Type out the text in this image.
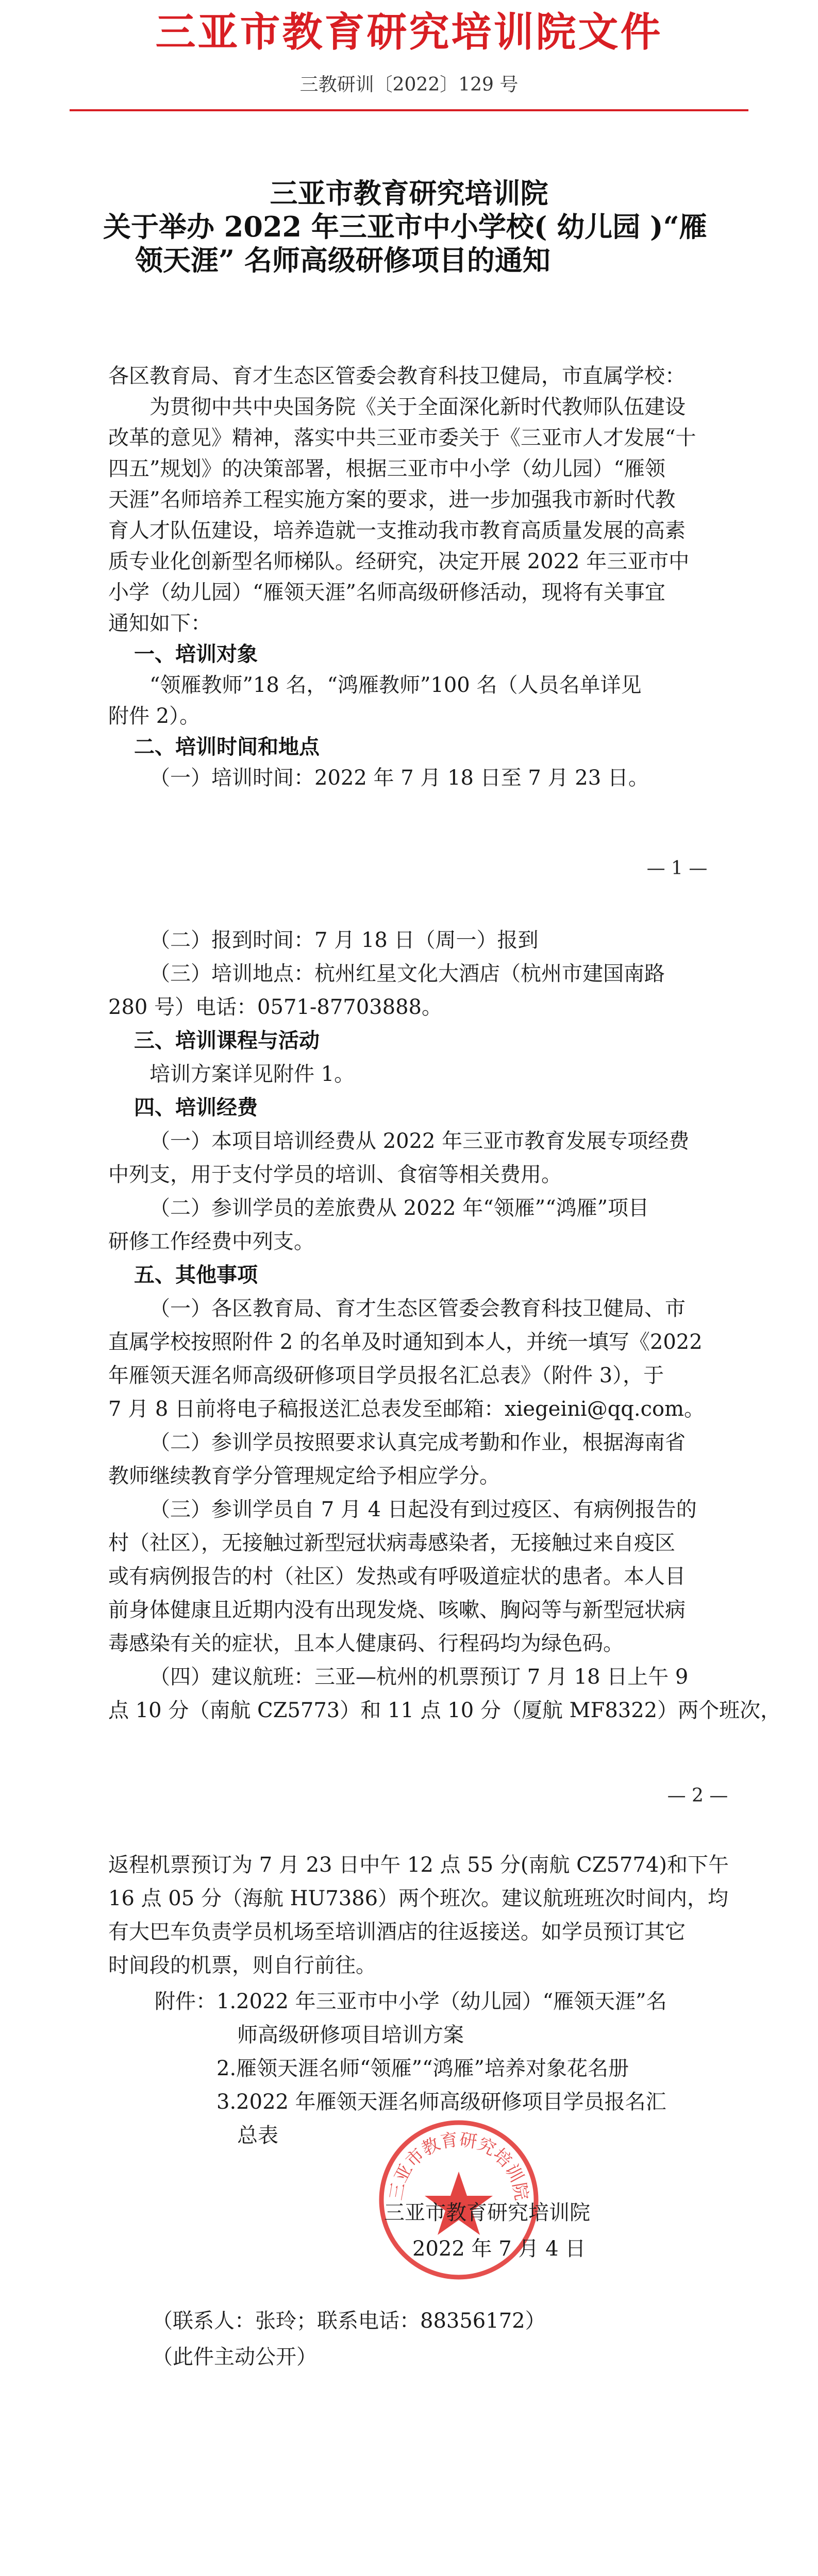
三亚市教育研究培训院文件
三教研训〔2022〕129 号
三亚市教育研究培训院
关于举办 2022 年三亚市中小学校( 幼儿园 )“雁
领天涯” 名师高级研修项目的通知
各区教育局、育才生态区管委会教育科技卫健局，市直属学校：
为贯彻中共中央国务院《关于全面深化新时代教师队伍建设
改革的意见》精神，落实中共三亚市委关于《三亚市人才发展“十
四五”规划》的决策部署，根据三亚市中小学（幼儿园）“雁领
天涯”名师培养工程实施方案的要求，进一步加强我市新时代教
育人才队伍建设，培养造就一支推动我市教育高质量发展的高素
质专业化创新型名师梯队。经研究，决定开展 2022 年三亚市中
小学（幼儿园）“雁领天涯”名师高级研修活动，现将有关事宜
通知如下：
一、培训对象
“领雁教师”18 名，“鸿雁教师”100 名（人员名单详见
附件 2）。
二、培训时间和地点
（一）培训时间：2022 年 7 月 18 日至 7 月 23 日。
— 1 —
（二）报到时间：7 月 18 日（周一）报到
（三）培训地点：杭州红星文化大酒店（杭州市建国南路
280 号）电话：0571-87703888。
三、培训课程与活动
培训方案详见附件 1。
四、培训经费
（一）本项目培训经费从 2022 年三亚市教育发展专项经费
中列支，用于支付学员的培训、食宿等相关费用。
（二）参训学员的差旅费从 2022 年“领雁”“鸿雁”项目
研修工作经费中列支。
五、其他事项
（一）各区教育局、育才生态区管委会教育科技卫健局、市
直属学校按照附件 2 的名单及时通知到本人，并统一填写《2022
年雁领天涯名师高级研修项目学员报名汇总表》（附件 3），于
7 月 8 日前将电子稿报送汇总表发至邮箱：xiegeini@qq.com。
（二）参训学员按照要求认真完成考勤和作业，根据海南省
教师继续教育学分管理规定给予相应学分。
（三）参训学员自 7 月 4 日起没有到过疫区、有病例报告的
村（社区），无接触过新型冠状病毒感染者，无接触过来自疫区
或有病例报告的村（社区）发热或有呼吸道症状的患者。本人目
前身体健康且近期内没有出现发烧、咳嗽、胸闷等与新型冠状病
毒感染有关的症状，且本人健康码、行程码均为绿色码。
（四）建议航班：三亚—杭州的机票预订 7 月 18 日上午 9
点 10 分（南航 CZ5773）和 11 点 10 分（厦航 MF8322）两个班次，
— 2 —
返程机票预订为 7 月 23 日中午 12 点 55 分(南航 CZ5774)和下午
16 点 05 分（海航 HU7386）两个班次。建议航班班次时间内，均
有大巴车负责学员机场至培训酒店的往返接送。如学员预订其它
时间段的机票，则自行前往。
附件： 1.2022 年三亚市中小学（幼儿园）“雁领天涯”名
师高级研修项目培训方案
2.雁领天涯名师“领雁”“鸿雁”培养对象花名册
3.2022 年雁领天涯名师高级研修项目学员报名汇
总表
三亚市教育研究培训院
三亚市教育研究培训院
2022 年 7 月 4 日
（联系人：张玲；联系电话：88356172）
（此件主动公开）
